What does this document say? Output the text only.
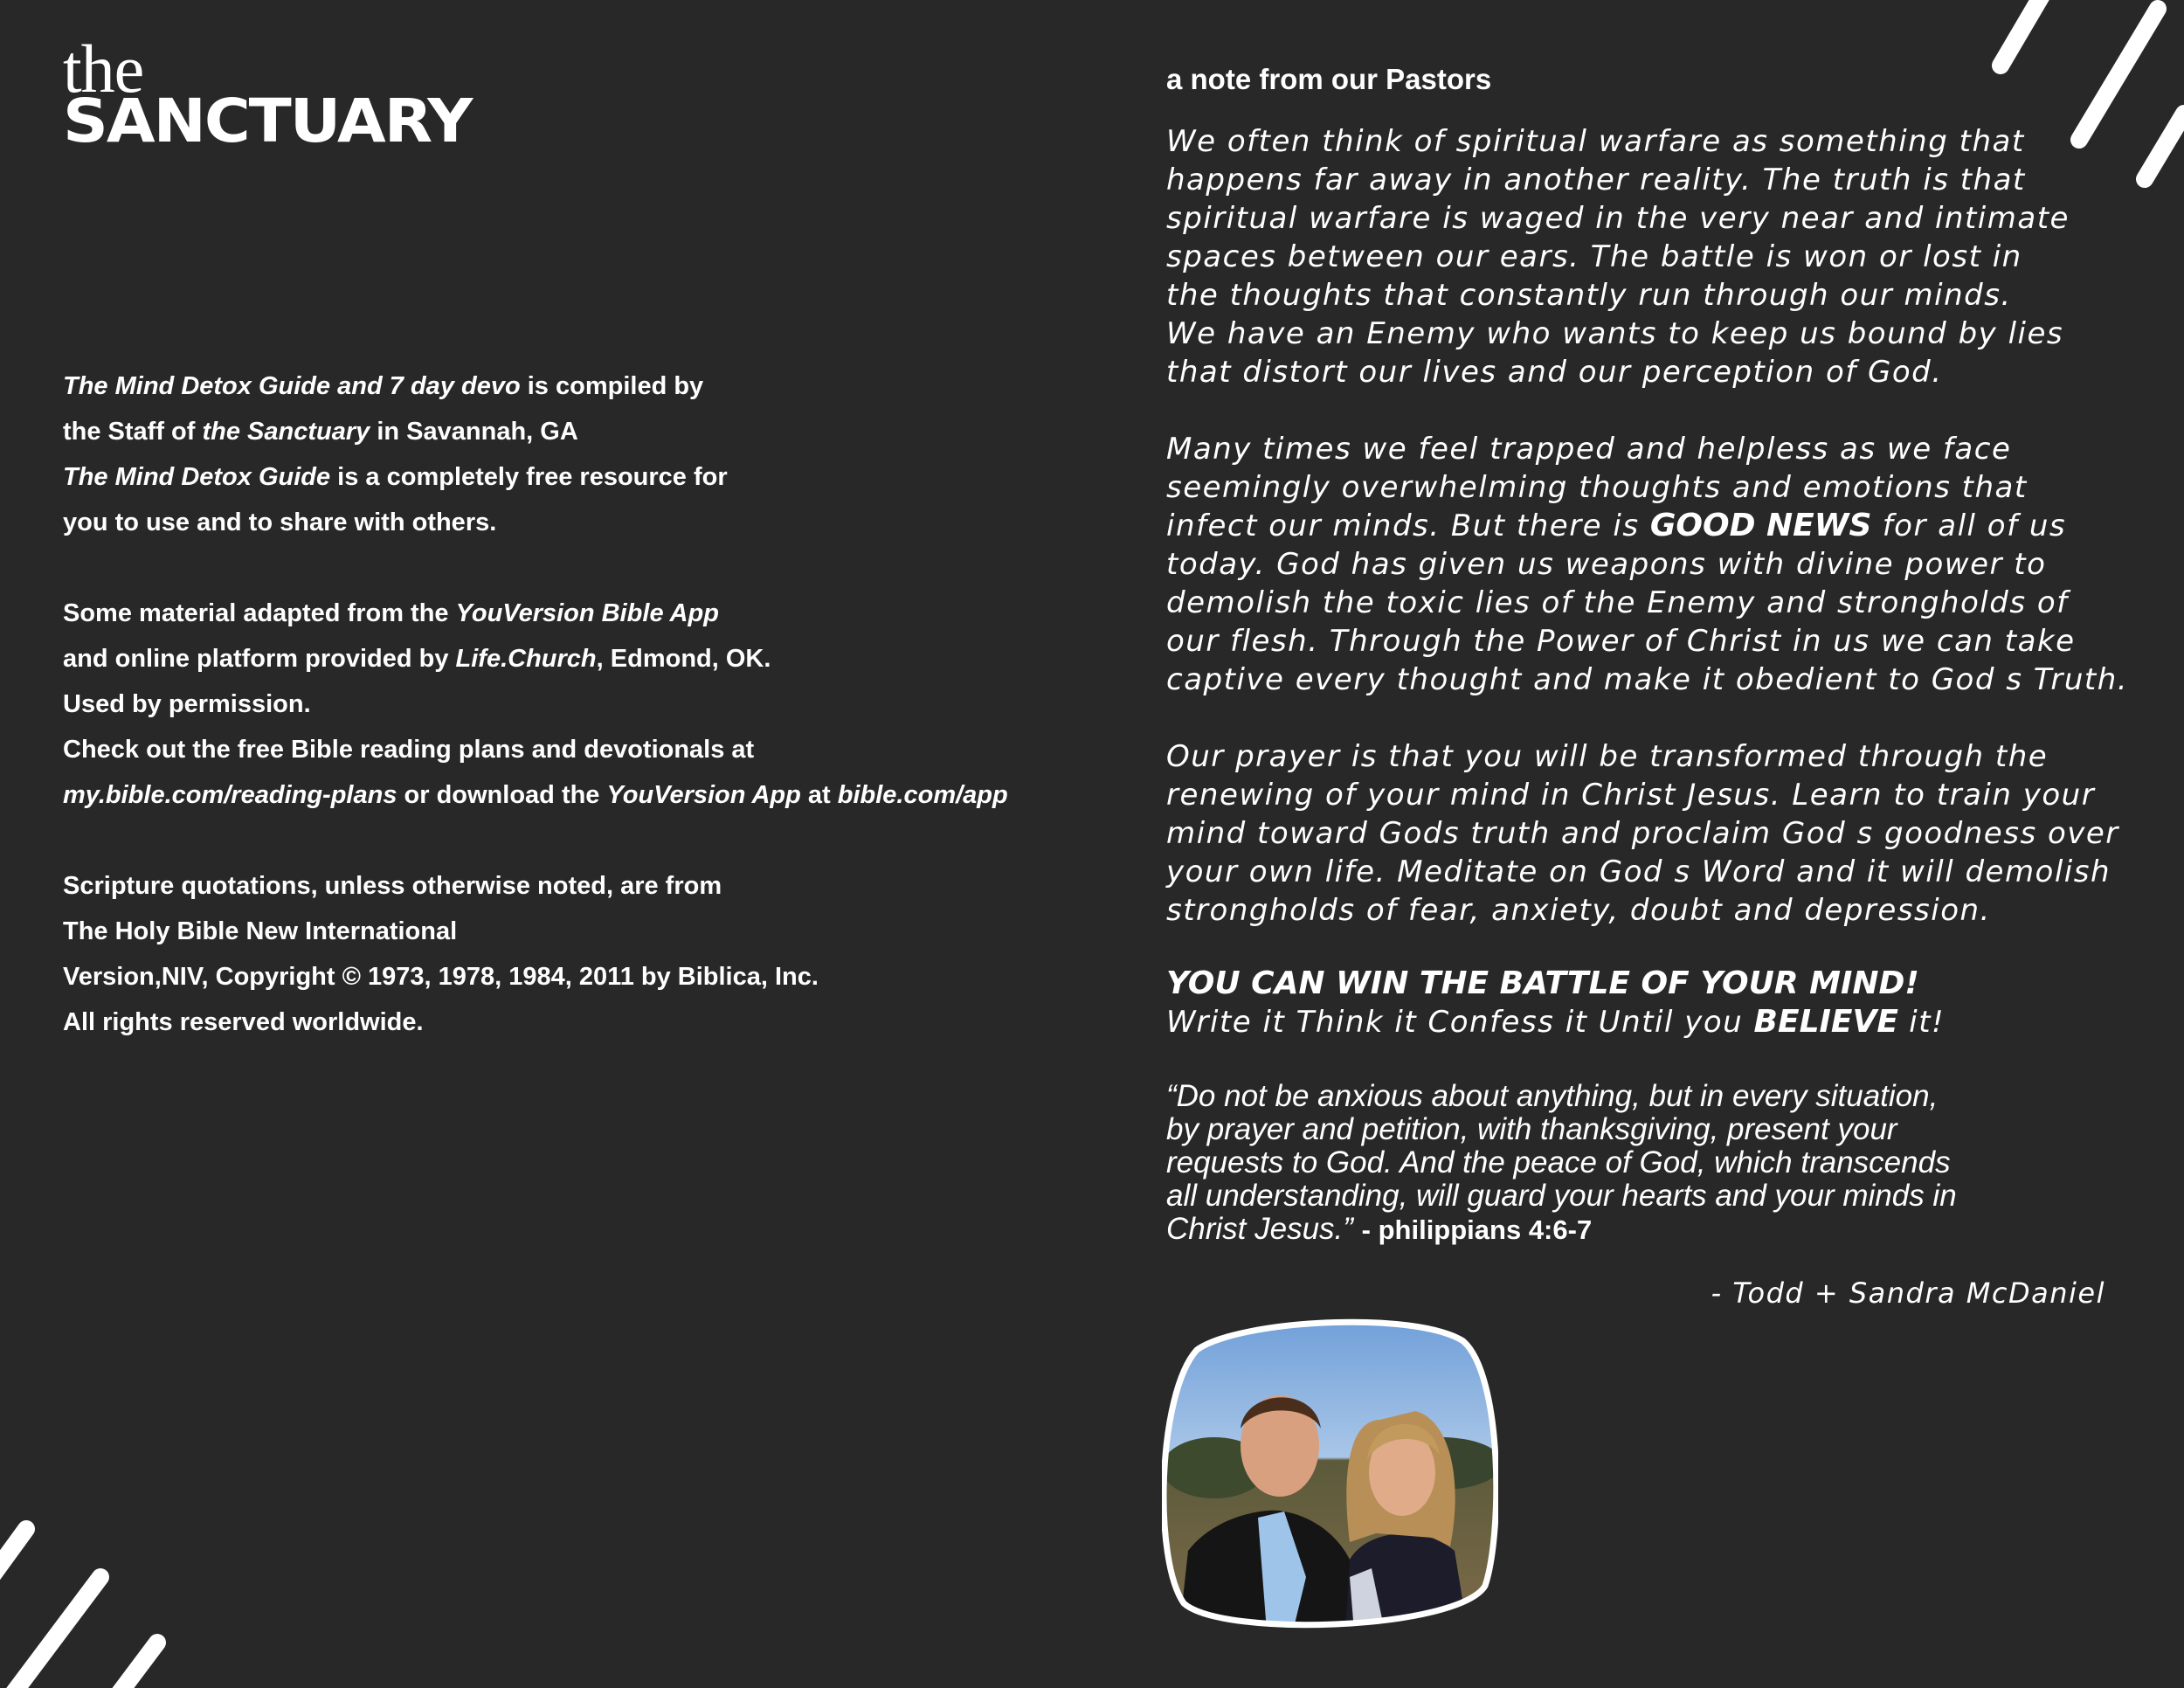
the
SANCTUARY

The Mind Detox Guide and 7 day devo is compiled by

the Staff of the Sanctuary in Savannah, GA

The Mind Detox Guide is a completely free resource for

you to use and to share with others.

Some material adapted from the YouVersion Bible App

and online platform provided by Life.Church, Edmond, OK.

Used by permission.

Check out the free Bible reading plans and devotionals at

my.bible.com/reading-plans or download the YouVersion App at bible.com/app

Scripture quotations, unless otherwise noted, are from

The Holy Bible New International

Version,NIV, Copyright © 1973, 1978, 1984, 2011 by Biblica, Inc.

All rights reserved worldwide.

a note from our Pastors

We often think of spiritual warfare as something that

happens far away in another reality. The truth is that

spiritual warfare is waged in the very near and intimate

spaces between our ears. The battle is won or lost in

the thoughts that constantly run through our minds.

We have an Enemy who wants to keep us bound by lies

that distort our lives and our perception of God.

Many times we feel trapped and helpless as we face

seemingly overwhelming thoughts and emotions that

infect our minds. But there is GOOD NEWS for all of us

today. God has given us weapons with divine power to

demolish the toxic lies of the Enemy and strongholds of

our flesh. Through the Power of Christ in us we can take

captive every thought and make it obedient to God s Truth.

Our prayer is that you will be transformed through the

renewing of your mind in Christ Jesus. Learn to train your

mind toward Gods truth and proclaim God s goodness over

your own life. Meditate on God s Word and it will demolish

strongholds of fear, anxiety, doubt and depression.

YOU CAN WIN THE BATTLE OF YOUR MIND!

Write it Think it Confess it Until you BELIEVE it!

“Do not be anxious about anything, but in every situation,

by prayer and petition, with thanksgiving, present your

requests to God. And the peace of God, which transcends

all understanding, will guard your hearts and your minds in

Christ Jesus.” - philippians 4:6-7

- Todd + Sandra McDaniel
